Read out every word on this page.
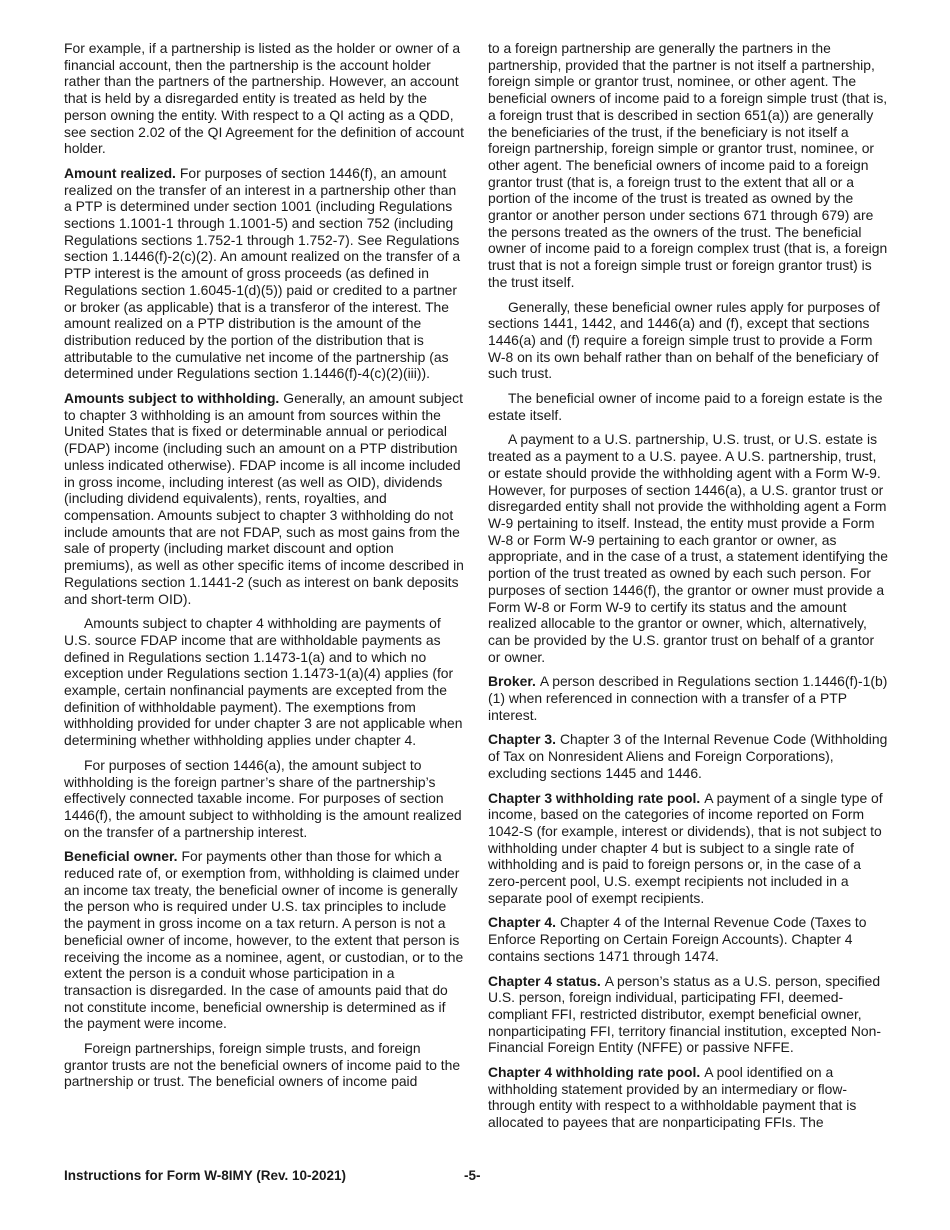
For example, if a partnership is listed as the holder or owner of a financial account, then the partnership is the account holder rather than the partners of the partnership. However, an account that is held by a disregarded entity is treated as held by the person owning the entity. With respect to a QI acting as a QDD, see section 2.02 of the QI Agreement for the definition of account holder.

Amount realized. For purposes of section 1446(f), an amount realized on the transfer of an interest in a partnership other than a PTP is determined under section 1001 (including Regulations sections 1.1001-1 through 1.1001-5) and section 752 (including Regulations sections 1.752-1 through 1.752-7). See Regulations section 1.1446(f)-2(c)(2). An amount realized on the transfer of a PTP interest is the amount of gross proceeds (as defined in Regulations section 1.6045-1(d)(5)) paid or credited to a partner or broker (as applicable) that is a transferor of the interest. The amount realized on a PTP distribution is the amount of the distribution reduced by the portion of the distribution that is attributable to the cumulative net income of the partnership (as determined under Regulations section 1.1446(f)-4(c)(2)(iii)).

Amounts subject to withholding. Generally, an amount subject to chapter 3 withholding is an amount from sources within the United States that is fixed or determinable annual or periodical (FDAP) income (including such an amount on a PTP distribution unless indicated otherwise). FDAP income is all income included in gross income, including interest (as well as OID), dividends (including dividend equivalents), rents, royalties, and compensation. Amounts subject to chapter 3 withholding do not include amounts that are not FDAP, such as most gains from the sale of property (including market discount and option premiums), as well as other specific items of income described in Regulations section 1.1441-2 (such as interest on bank deposits and short-term OID).

Amounts subject to chapter 4 withholding are payments of U.S. source FDAP income that are withholdable payments as defined in Regulations section 1.1473-1(a) and to which no exception under Regulations section 1.1473-1(a)(4) applies (for example, certain nonfinancial payments are excepted from the definition of withholdable payment). The exemptions from withholding provided for under chapter 3 are not applicable when determining whether withholding applies under chapter 4.

For purposes of section 1446(a), the amount subject to withholding is the foreign partner’s share of the partnership’s effectively connected taxable income. For purposes of section 1446(f), the amount subject to withholding is the amount realized on the transfer of a partnership interest.

Beneficial owner. For payments other than those for which a reduced rate of, or exemption from, withholding is claimed under an income tax treaty, the beneficial owner of income is generally the person who is required under U.S. tax principles to include the payment in gross income on a tax return. A person is not a beneficial owner of income, however, to the extent that person is receiving the income as a nominee, agent, or custodian, or to the extent the person is a conduit whose participation in a transaction is disregarded. In the case of amounts paid that do not constitute income, beneficial ownership is determined as if the payment were income.

Foreign partnerships, foreign simple trusts, and foreign grantor trusts are not the beneficial owners of income paid to the partnership or trust. The beneficial owners of income paid

to a foreign partnership are generally the partners in the partnership, provided that the partner is not itself a partnership, foreign simple or grantor trust, nominee, or other agent. The beneficial owners of income paid to a foreign simple trust (that is, a foreign trust that is described in section 651(a)) are generally the beneficiaries of the trust, if the beneficiary is not itself a foreign partnership, foreign simple or grantor trust, nominee, or other agent. The beneficial owners of income paid to a foreign grantor trust (that is, a foreign trust to the extent that all or a portion of the income of the trust is treated as owned by the grantor or another person under sections 671 through 679) are the persons treated as the owners of the trust. The beneficial owner of income paid to a foreign complex trust (that is, a foreign trust that is not a foreign simple trust or foreign grantor trust) is the trust itself.

Generally, these beneficial owner rules apply for purposes of sections 1441, 1442, and 1446(a) and (f), except that sections 1446(a) and (f) require a foreign simple trust to provide a Form W-8 on its own behalf rather than on behalf of the beneficiary of such trust.

The beneficial owner of income paid to a foreign estate is the estate itself.

A payment to a U.S. partnership, U.S. trust, or U.S. estate is treated as a payment to a U.S. payee. A U.S. partnership, trust, or estate should provide the withholding agent with a Form W-9. However, for purposes of section 1446(a), a U.S. grantor trust or disregarded entity shall not provide the withholding agent a Form W-9 pertaining to itself. Instead, the entity must provide a Form W-8 or Form W-9 pertaining to each grantor or owner, as appropriate, and in the case of a trust, a statement identifying the portion of the trust treated as owned by each such person. For purposes of section 1446(f), the grantor or owner must provide a Form W-8 or Form W-9 to certify its status and the amount realized allocable to the grantor or owner, which, alternatively, can be provided by the U.S. grantor trust on behalf of a grantor or owner.

Broker. A person described in Regulations section 1.1446(f)-1(b)(1) when referenced in connection with a transfer of a PTP interest.

Chapter 3. Chapter 3 of the Internal Revenue Code (Withholding of Tax on Nonresident Aliens and Foreign Corporations), excluding sections 1445 and 1446.

Chapter 3 withholding rate pool. A payment of a single type of income, based on the categories of income reported on Form 1042-S (for example, interest or dividends), that is not subject to withholding under chapter 4 but is subject to a single rate of withholding and is paid to foreign persons or, in the case of a zero-percent pool, U.S. exempt recipients not included in a separate pool of exempt recipients.

Chapter 4. Chapter 4 of the Internal Revenue Code (Taxes to Enforce Reporting on Certain Foreign Accounts). Chapter 4 contains sections 1471 through 1474.

Chapter 4 status. A person’s status as a U.S. person, specified U.S. person, foreign individual, participating FFI, deemed-compliant FFI, restricted distributor, exempt beneficial owner, nonparticipating FFI, territory financial institution, excepted Non-Financial Foreign Entity (NFFE) or passive NFFE.

Chapter 4 withholding rate pool. A pool identified on a withholding statement provided by an intermediary or flow-through entity with respect to a withholdable payment that is allocated to payees that are nonparticipating FFIs. The

Instructions for Form W-8IMY (Rev. 10-2021)	-5-
